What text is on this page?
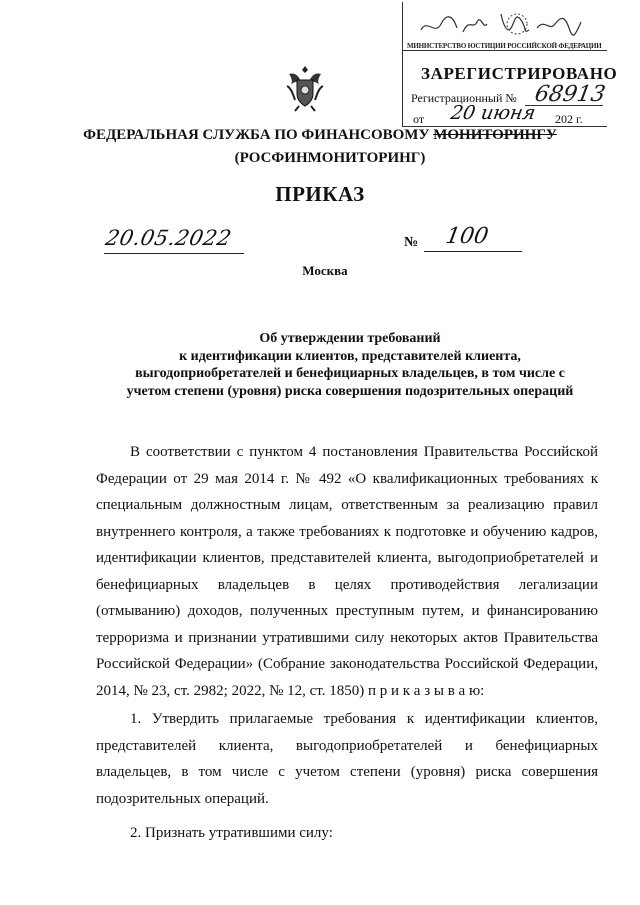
МИНИСТЕРСТВО ЮСТИЦИИ РОССИЙСКОЙ ФЕДЕРАЦИИ
ЗАРЕГИСТРИРОВАНО
Регистрационный № 68913
от 20 июня 202 г.
ФЕДЕРАЛЬНАЯ СЛУЖБА ПО ФИНАНСОВОМУ МОНИТОРИНГУ
(РОСФИНМОНИТОРИНГ)
ПРИКАЗ
20.05.2022	№ 100
Москва
Об утверждении требований
к идентификации клиентов, представителей клиента,
выгодоприобретателей и бенефициарных владельцев, в том числе с
учетом степени (уровня) риска совершения подозрительных операций

В соответствии с пунктом 4 постановления Правительства Российской Федерации от 29 мая 2014 г. № 492 «О квалификационных требованиях к специальным должностным лицам, ответственным за реализацию правил внутреннего контроля, а также требованиях к подготовке и обучению кадров, идентификации клиентов, представителей клиента, выгодоприобретателей и бенефициарных владельцев в целях противодействия легализации (отмыванию) доходов, полученных преступным путем, и финансированию терроризма и признании утратившими силу некоторых актов Правительства Российской Федерации» (Собрание законодательства Российской Федерации, 2014, № 23, ст. 2982; 2022, № 12, ст. 1850) п р и к а з ы в а ю:

1. Утвердить прилагаемые требования к идентификации клиентов, представителей клиента, выгодоприобретателей и бенефициарных владельцев, в том числе с учетом степени (уровня) риска совершения подозрительных операций.

2. Признать утратившими силу:
